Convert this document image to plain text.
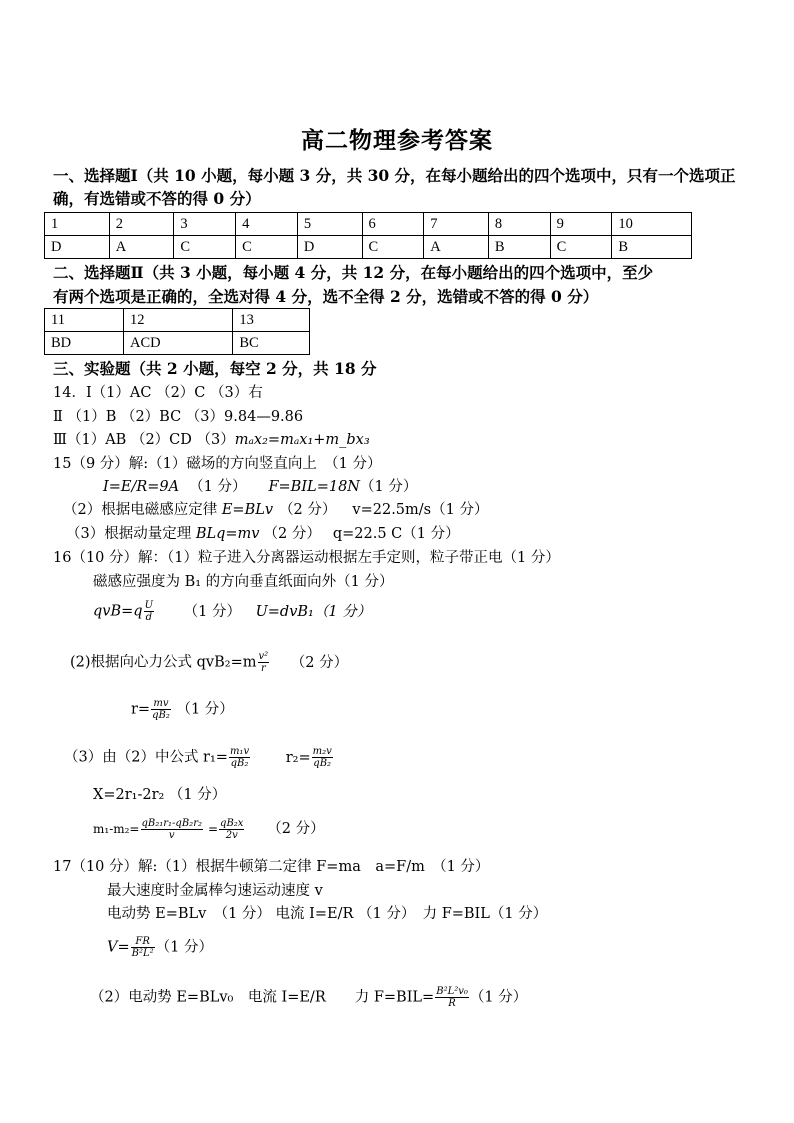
高二物理参考答案
一、选择题Ⅰ（共 10 小题，每小题 3 分，共 30 分，在每小题给出的四个选项中，只有一个选项正
确，有选错或不答的得 0 分）
1	2	3	4	5	6	7	8	9	10
D	A	C	C	D	C	A	B	C	B
二、选择题Ⅱ（共 3 小题，每小题 4 分，共 12 分，在每小题给出的四个选项中，至少
有两个选项是正确的，全选对得 4 分，选不全得 2 分，选错或不答的得 0 分）
11	12	13
BD	ACD	BC
三、实验题（共 2 小题，每空 2 分，共 18 分
14．Ⅰ（1）AC （2）C （3）右
Ⅱ （1）B （2）BC （3）9.84—9.86
Ⅲ（1）AB （2）CD （3）mₐx₂=mₐx₁+m_bx₃
15（9 分）解:（1）磁场的方向竖直向上　（1 分）
I=E/R=9A （1 分） F=BIL=18N（1 分）
（2）根据电磁感应定律 E=BLv （2 分） v=22.5m/s（1 分）
（3）根据动量定理 BLq=mv （2 分） q=22.5 C（1 分）
16（10 分）解：（1）粒子进入分离器运动根据左手定则，粒子带正电（1 分）
磁感应强度为 B₁ 的方向垂直纸面向外（1 分）
$qvB=q \frac{U}{d} (1$ 分） U=dvB₁（1 分）
(2)根据向心力公式 $qvB_2=m \frac{\text{v²}}{r} (2$ 分）
$r= \frac{mv}{\text{qB₂}} (1$ 分）
（3）由（2）中公式 $r_1= \frac{\text{m₁v}}{\text{qB₂}} r_2= \frac{\text{m₂v}}{\text{qB₂}}$
X=2r₁-2r₂ （1 分）
$m_1-m_2= \frac{\text{qB₂₁r₁-qB₂r₂}}{v} = \frac{\text{qB₂x}}{2v} (2$ 分）
17（10 分）解:（1）根据牛顿第二定律 F=ma　a=F/m　（1 分）
最大速度时金属棒匀速运动速度 v
电动势 E=BLv　（1 分） 电流 I=E/R （1 分）　力 F=BIL（1 分）
$V= \frac{FR}{\text{B²L²}} (1$ 分）
（2）电动势 E=BLv₀　电流 I=E/R　　力 $F=BIL= \frac{\text{B²L²v₀}}{R} (1$ 分）
